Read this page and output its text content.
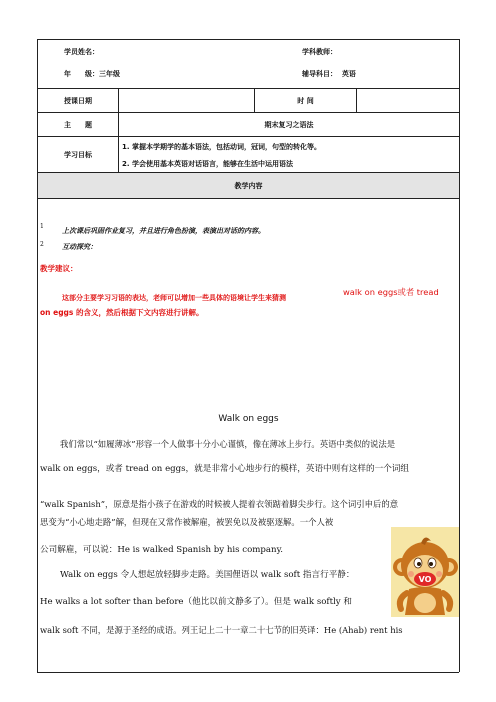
学员姓名：	学科教师：
年　　级：三年级	辅导科目： 英语
授课日期	时 间
主　　题	期末复习之语法
学习目标
1. 掌握本学期学的基本语法，包括动词，冠词，句型的转化等。
2. 学会使用基本英语对话语言，能够在生活中运用语法
教学内容
1
上次课后巩固作业复习，并且进行角色扮演，表演出对话的内容。
2	互动探究：
教学建议：
这部分主要学习习语的表达，老师可以增加一些具体的语境让学生来猜测
walk on eggs或者 tread
on eggs 的含义，然后根据下文内容进行讲解。
Walk on eggs
我们常以“如履薄冰”形容一个人做事十分小心谨慎，像在薄冰上步行。英语中类似的说法是
walk on eggs，或者 tread on eggs，就是非常小心地步行的模样，英语中则有这样的一个词组
“walk Spanish”，原意是指小孩子在游戏的时候被人提着衣领踮着脚尖步行。这个词引申后的意
思变为“小心地走路”解，但现在又常作被解雇，被罢免以及被驱逐解。一个人被
公司解雇，可以说：He is walked Spanish by his company.
Walk on eggs 令人想起放轻脚步走路。美国俚语以 walk soft 指言行平静：
He walks a lot softer than before（他比以前文静多了）。但是 walk softly 和
walk soft 不同，是源于圣经的成语。列王记上二十一章二十七节的旧英译：He (Ahab) rent his
VO
